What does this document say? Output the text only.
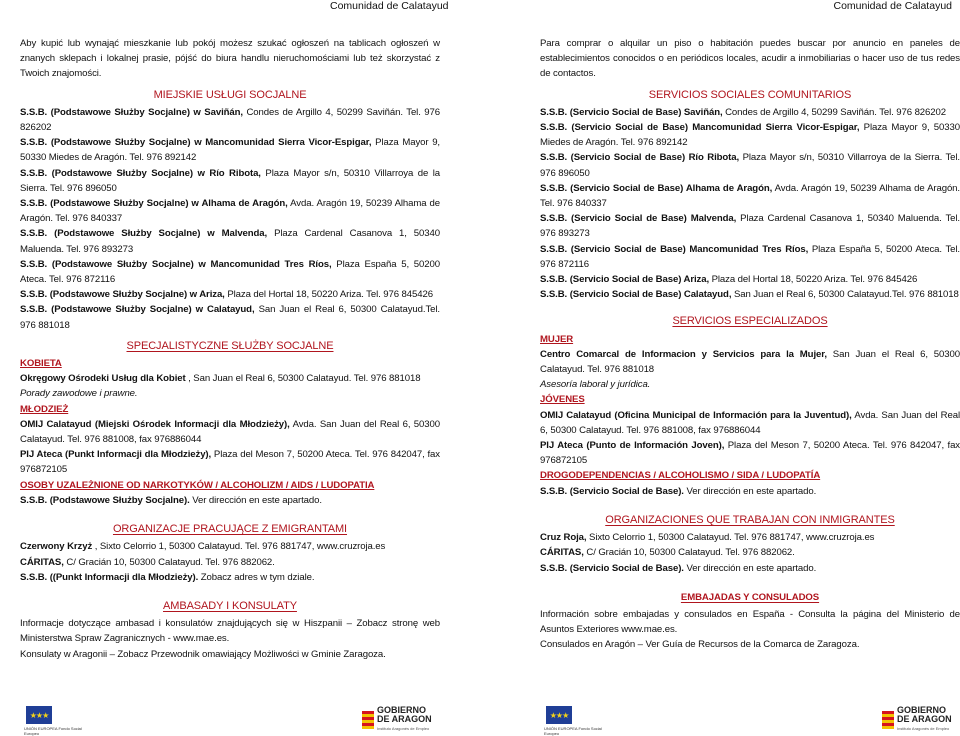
Comunidad de Calatayud	Comunidad de Calatayud

Aby kupić lub wynająć mieszkanie lub pokój możesz szukać ogłoszeń na tablicach ogłoszeń w znanych sklepach i lokalnej prasie, pójść do biura handlu nieruchomościami lub też skorzystać z Twoich znajomości.

MIEJSKIE USŁUGI SOCJALNE

S.S.B. (Podstawowe Służby Socjalne) w Saviñán, Condes de Argillo 4, 50299 Saviñán. Tel. 976 826202

S.S.B. (Podstawowe Służby Socjalne) w Mancomunidad Sierra Vicor-Espigar, Plaza Mayor 9, 50330 Miedes de Aragón. Tel. 976 892142

S.S.B. (Podstawowe Służby Socjalne) w Río Ribota, Plaza Mayor s/n, 50310 Villarroya de la Sierra. Tel. 976 896050

S.S.B. (Podstawowe Służby Socjalne) w Alhama de Aragón, Avda. Aragón 19, 50239 Alhama de Aragón. Tel. 976 840337

S.S.B. (Podstawowe Służby Socjalne) w Malvenda, Plaza Cardenal Casanova 1, 50340 Maluenda. Tel. 976 893273

S.S.B. (Podstawowe Służby Socjalne) w Mancomunidad Tres Ríos, Plaza España 5, 50200 Ateca. Tel. 976 872116

S.S.B. (Podstawowe Służby Socjalne) w Ariza, Plaza del Hortal 18, 50220 Ariza. Tel. 976 845426

S.S.B. (Podstawowe Służby Socjalne) w Calatayud, San Juan el Real 6, 50300 Calatayud.Tel. 976 881018

SPECJALISTYCZNE SŁUŻBY SOCJALNE
KOBIETA

Okręgowy Ośrodeki Usług dla Kobiet , San Juan el Real 6, 50300 Calatayud. Tel. 976 881018

Porady zawodowe i prawne.

MŁODZIEŻ

OMIJ Calatayud (Miejski Ośrodek Informacji dla Młodzieży), Avda. San Juan del Real 6, 50300 Calatayud. Tel. 976 881008, fax 976886044

PIJ Ateca (Punkt Informacji dla Młodzieży), Plaza del Meson 7, 50200 Ateca. Tel. 976 842047, fax 976872105

OSOBY UZALEŻNIONE OD NARKOTYKÓW / ALCOHOLIZM / AIDS / LUDOPATIA

S.S.B. (Podstawowe Służby Socjalne). Ver dirección en este apartado.

ORGANIZACJE PRACUJĄCE Z EMIGRANTAMI

Czerwony Krzyż , Sixto Celorrio 1, 50300 Calatayud. Tel. 976 881747, www.cruzroja.es

CÁRITAS, C/ Gracián 10, 50300 Calatayud. Tel. 976 882062.

S.S.B. ((Punkt Informacji dla Młodzieży). Zobacz adres w tym dziale.

AMBASADY I KONSULATY

Informacje dotyczące ambasad i konsulatów znajdujących się w Hiszpanii – Zobacz stronę web Ministerstwa Spraw Zagranicznych - www.mae.es.

Konsulaty w Aragonii – Zobacz Przewodnik omawiający Możliwości w Gminie Zaragoza.

Para comprar o alquilar un piso o habitación puedes buscar por anuncio en paneles de establecimientos conocidos o en periódicos locales, acudir a inmobiliarias o hacer uso de tus redes de contactos.

SERVICIOS SOCIALES COMUNITARIOS

S.S.B. (Servicio Social de Base) Saviñán, Condes de Argillo 4, 50299 Saviñán. Tel. 976 826202

S.S.B. (Servicio Social de Base) Mancomunidad Sierra Vicor-Espigar, Plaza Mayor 9, 50330 Miedes de Aragón. Tel. 976 892142

S.S.B. (Servicio Social de Base) Río Ribota, Plaza Mayor s/n, 50310 Villarroya de la Sierra. Tel. 976 896050

S.S.B. (Servicio Social de Base) Alhama de Aragón, Avda. Aragón 19, 50239 Alhama de Aragón. Tel. 976 840337

S.S.B. (Servicio Social de Base) Malvenda, Plaza Cardenal Casanova 1, 50340 Maluenda. Tel. 976 893273

S.S.B. (Servicio Social de Base) Mancomunidad Tres Ríos, Plaza España 5, 50200 Ateca. Tel. 976 872116

S.S.B. (Servicio Social de Base) Ariza, Plaza del Hortal 18, 50220 Ariza. Tel. 976 845426

S.S.B. (Servicio Social de Base) Calatayud, San Juan el Real 6, 50300 Calatayud.Tel. 976 881018

SERVICIOS ESPECIALIZADOS
MUJER

Centro Comarcal de Informacion y Servicios para la Mujer, San Juan el Real 6, 50300 Calatayud. Tel. 976 881018

Asesoría laboral y jurídica.

JÓVENES

OMIJ Calatayud (Oficina Municipal de Información para la Juventud), Avda. San Juan del Real 6, 50300 Calatayud. Tel. 976 881008, fax 976886044

PIJ Ateca (Punto de Información Joven), Plaza del Meson 7, 50200 Ateca. Tel. 976 842047, fax 976872105

DROGODEPENDENCIAS / ALCOHOLISMO / SIDA / LUDOPATÍA

S.S.B. (Servicio Social de Base). Ver dirección en este apartado.

ORGANIZACIONES QUE TRABAJAN CON INMIGRANTES

Cruz Roja, Sixto Celorrio 1, 50300 Calatayud. Tel. 976 881747, www.cruzroja.es

CÁRITAS, C/ Gracián 10, 50300 Calatayud. Tel. 976 882062.

S.S.B. (Servicio Social de Base). Ver dirección en este apartado.

EMBAJADAS Y CONSULADOS

Información sobre embajadas y consulados en España - Consulta la página del Ministerio de Asuntos Exteriores www.mae.es.

Consulados en Aragón – Ver Guía de Recursos de la Comarca de Zaragoza.

★★★
UNIÓN EUROPEA Fondo Social Europeo
GOBIERNO
DE ARAGON
Instituto Aragonés de Empleo
★★★
UNIÓN EUROPEA Fondo Social Europeo
GOBIERNO
DE ARAGON
Instituto Aragonés de Empleo
